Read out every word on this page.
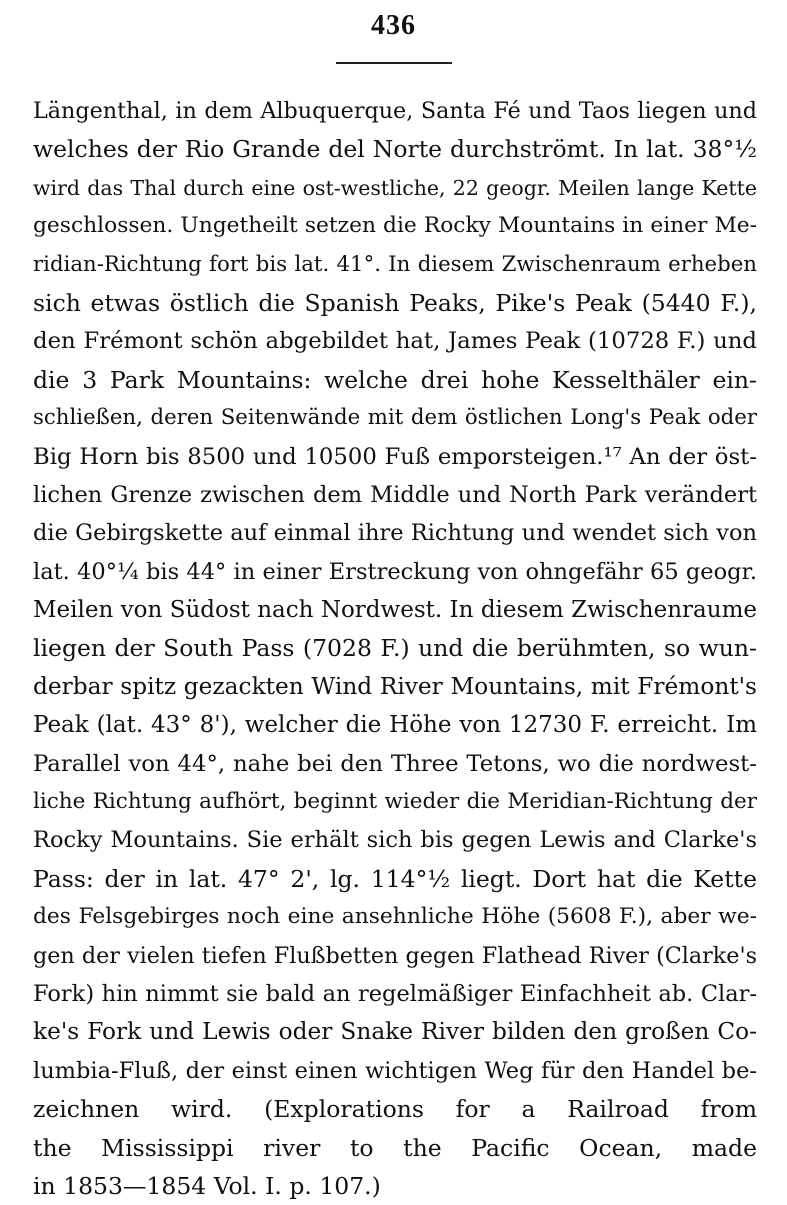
436
Längenthal, in dem Albuquerque, Santa Fé und Taos liegen und
welches der Rio Grande del Norte durchströmt. In lat. 38°½
wird das Thal durch eine ost-westliche, 22 geogr. Meilen lange Kette
geschlossen. Ungetheilt setzen die Rocky Mountains in einer Me-
ridian-Richtung fort bis lat. 41°. In diesem Zwischenraum erheben
sich etwas östlich die Spanish Peaks, Pike's Peak (5440 F.),
den Frémont schön abgebildet hat, James Peak (10728 F.) und
die 3 Park Mountains: welche drei hohe Kesselthäler ein-
schließen, deren Seitenwände mit dem östlichen Long's Peak oder
Big Horn bis 8500 und 10500 Fuß emporsteigen.¹⁷ An der öst-
lichen Grenze zwischen dem Middle und North Park verändert
die Gebirgskette auf einmal ihre Richtung und wendet sich von
lat. 40°¼ bis 44° in einer Erstreckung von ohngefähr 65 geogr.
Meilen von Südost nach Nordwest. In diesem Zwischenraume
liegen der South Pass (7028 F.) und die berühmten, so wun-
derbar spitz gezackten Wind River Mountains, mit Frémont's
Peak (lat. 43° 8'), welcher die Höhe von 12730 F. erreicht. Im
Parallel von 44°, nahe bei den Three Tetons, wo die nordwest-
liche Richtung aufhört, beginnt wieder die Meridian-Richtung der
Rocky Mountains. Sie erhält sich bis gegen Lewis and Clarke's
Pass: der in lat. 47° 2', lg. 114°½ liegt. Dort hat die Kette
des Felsgebirges noch eine ansehnliche Höhe (5608 F.), aber we-
gen der vielen tiefen Flußbetten gegen Flathead River (Clarke's
Fork) hin nimmt sie bald an regelmäßiger Einfachheit ab. Clar-
ke's Fork und Lewis oder Snake River bilden den großen Co-
lumbia-Fluß, der einst einen wichtigen Weg für den Handel be-
zeichnen wird. (Explorations for a Railroad from
the Mississippi river to the Pacific Ocean, made
in 1853—1854 Vol. I. p. 107.)
